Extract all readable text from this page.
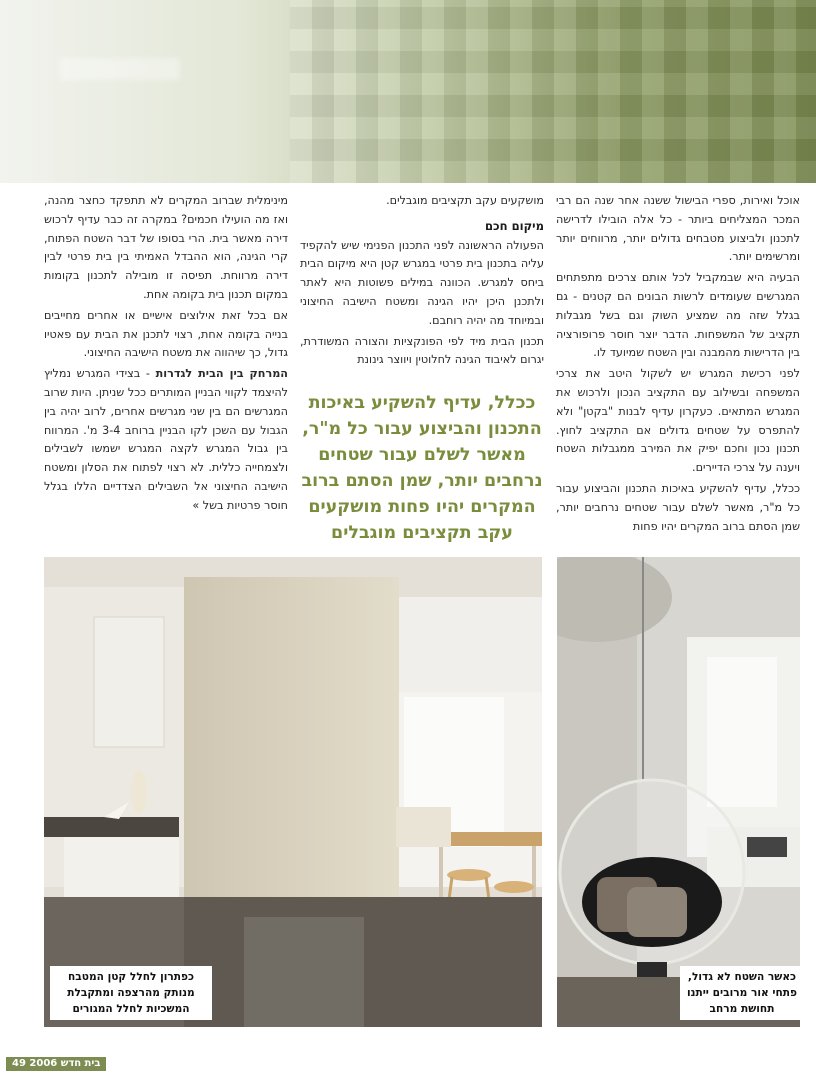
אוכל ואירות, ספרי הבישול ששנה אחר שנה הם רבי המכר המצליחים ביותר - כל אלה הובילו לדרישה לתכנון ולביצוע מטבחים גדולים יותר, מרווחים יותר ומרשימים יותר.

הבעיה היא שבמקביל לכל אותם צרכים מתפתחים המגרשים שעומדים לרשות הבונים הם קטנים - גם בגלל שזה מה שמציע השוק וגם בשל מגבלות תקציב של המשפחות. הדבר יוצר חוסר פרופורציה בין הדרישות מהמבנה ובין השטח שמיועד לו.

לפני רכישת המגרש יש לשקול היטב את צרכי המשפחה ובשילוב עם התקציב הנכון ולרכוש את המגרש המתאים. כעקרון עדיף לבנות "בקטן" ולא להתפרס על שטחים גדולים אם התקציב לחוץ. תכנון נכון וחכם יפיק את המירב ממגבלות השטח ויענה על צרכי הדיירים.

ככלל, עדיף להשקיע באיכות התכנון והביצוע עבור כל מ"ר, מאשר לשלם עבור שטחים נרחבים יותר, שמן הסתם ברוב המקרים יהיו פחות

מושקעים עקב תקציבים מוגבלים.

מיקום חכם

הפעולה הראשונה לפני התכנון הפנימי שיש להקפיד עליה בתכנון בית פרטי במגרש קטן היא מיקום הבית ביחס למגרש. הכוונה במילים פשוטות היא לאתר ולתכנן היכן יהיו הגינה ומשטח הישיבה החיצוני ובמיוחד מה יהיה רוחבם.

תכנון הבית מיד לפי הפונקציות והצורה המשודרת, יגרום לאיבוד הגינה לחלוטין ויווצר גינונת

ככלל, עדיף להשקיע באיכות התכנון והביצוע עבור כל מ"ר, מאשר לשלם עבור שטחים נרחבים יותר, שמן הסתם ברוב המקרים יהיו פחות מושקעים עקב תקציבים מוגבלים

מינימלית שברוב המקרים לא תתפקד כחצר מהנה, ואז מה הועילו חכמים? במקרה זה כבר עדיף לרכוש דירה מאשר בית. הרי בסופו של דבר השטח הפתוח, קרי הגינה, הוא ההבדל האמיתי בין בית פרטי לבין דירה מרווחת. תפיסה זו מובילה לתכנון בקומות במקום תכנון בית בקומה אחת.

אם בכל זאת אילוצים אישיים או אחרים מחייבים בנייה בקומה אחת, רצוי לתכנן את הבית עם פאטיו גדול, כך שיהווה את משטח הישיבה החיצוני.

המרחק בין הבית לגדרות - בצידי המגרש נמליץ להיצמד לקווי הבניין המותרים ככל שניתן. היות שרוב המגרשים הם בין שני מגרשים אחרים, לרוב יהיה בין הגבול עם השכן לקו הבניין ברוחב 3-4 מ'. המרווח בין גבול המגרש לקצה המגרש ישמשו לשבילים ולצמחייה כללית. לא רצוי לפתוח את הסלון ומשטח הישיבה החיצוני אל השבילים הצדדיים הללו בגלל חוסר פרטיות בשל »

כפתרון לחלל קטן המטבח מנותק מהרצפה ומתקבלת המשכיות לחלל המגורים
כאשר השטח לא גדול, פתחי אור מרובים ייתנו תחושת מרחב
בית חדש 2006 49
